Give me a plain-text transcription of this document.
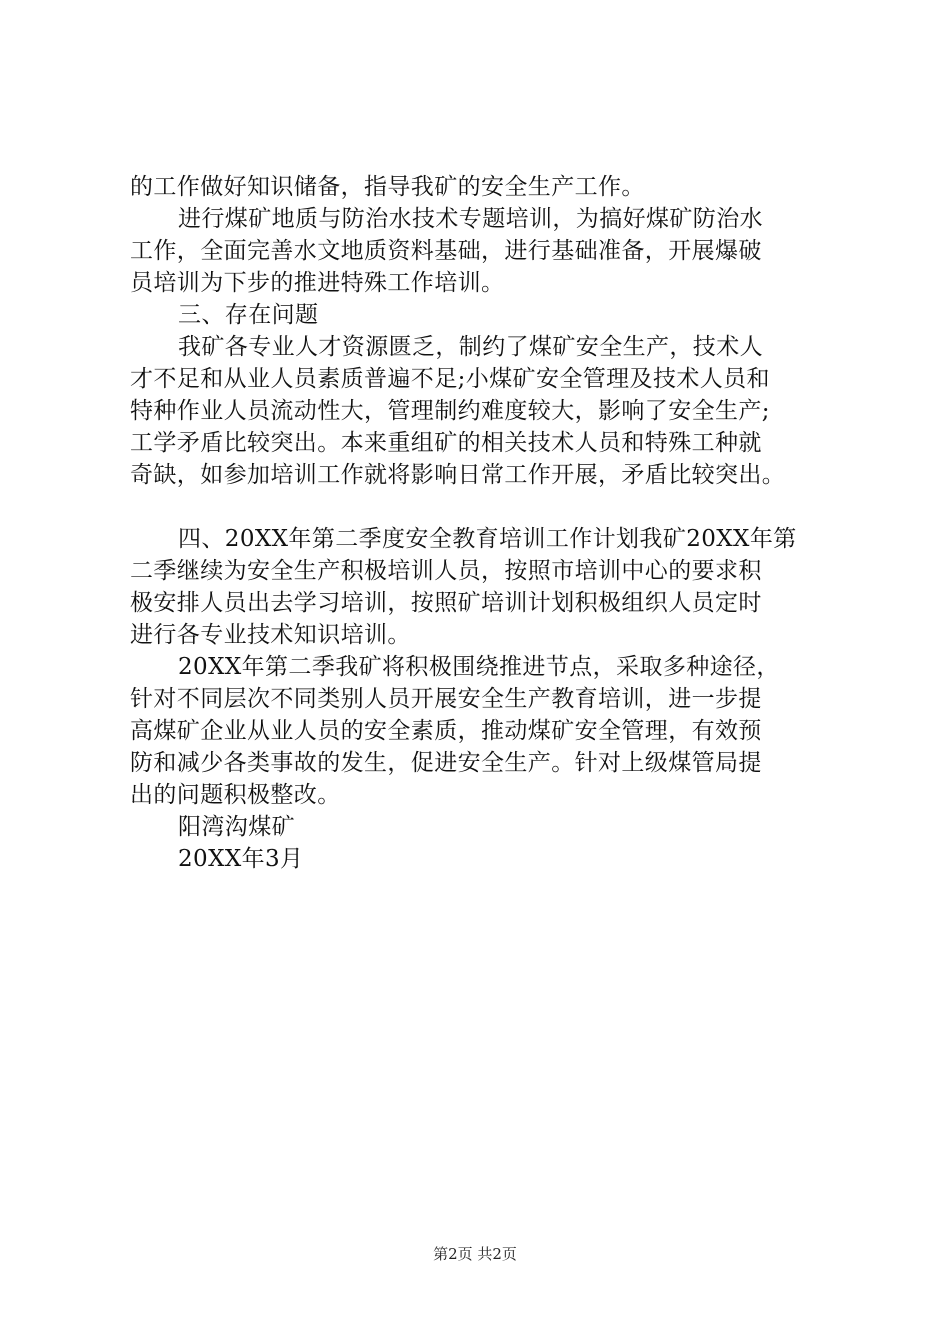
的工作做好知识储备，指导我矿的安全生产工作。
进行煤矿地质与防治水技术专题培训，为搞好煤矿防治水
工作，全面完善水文地质资料基础，进行基础准备，开展爆破
员培训为下步的推进特殊工作培训。
三、存在问题
我矿各专业人才资源匮乏，制约了煤矿安全生产，技术人
才不足和从业人员素质普遍不足;小煤矿安全管理及技术人员和
特种作业人员流动性大，管理制约难度较大，影响了安全生产;
工学矛盾比较突出。本来重组矿的相关技术人员和特殊工种就
奇缺，如参加培训工作就将影响日常工作开展，矛盾比较突出。
四、20XX年第二季度安全教育培训工作计划我矿20XX年第
二季继续为安全生产积极培训人员，按照市培训中心的要求积
极安排人员出去学习培训，按照矿培训计划积极组织人员定时
进行各专业技术知识培训。
20XX年第二季我矿将积极围绕推进节点，采取多种途径，
针对不同层次不同类别人员开展安全生产教育培训，进一步提
高煤矿企业从业人员的安全素质，推动煤矿安全管理，有效预
防和减少各类事故的发生，促进安全生产。针对上级煤管局提
出的问题积极整改。
阳湾沟煤矿
20XX年3月
第2页 共2页
